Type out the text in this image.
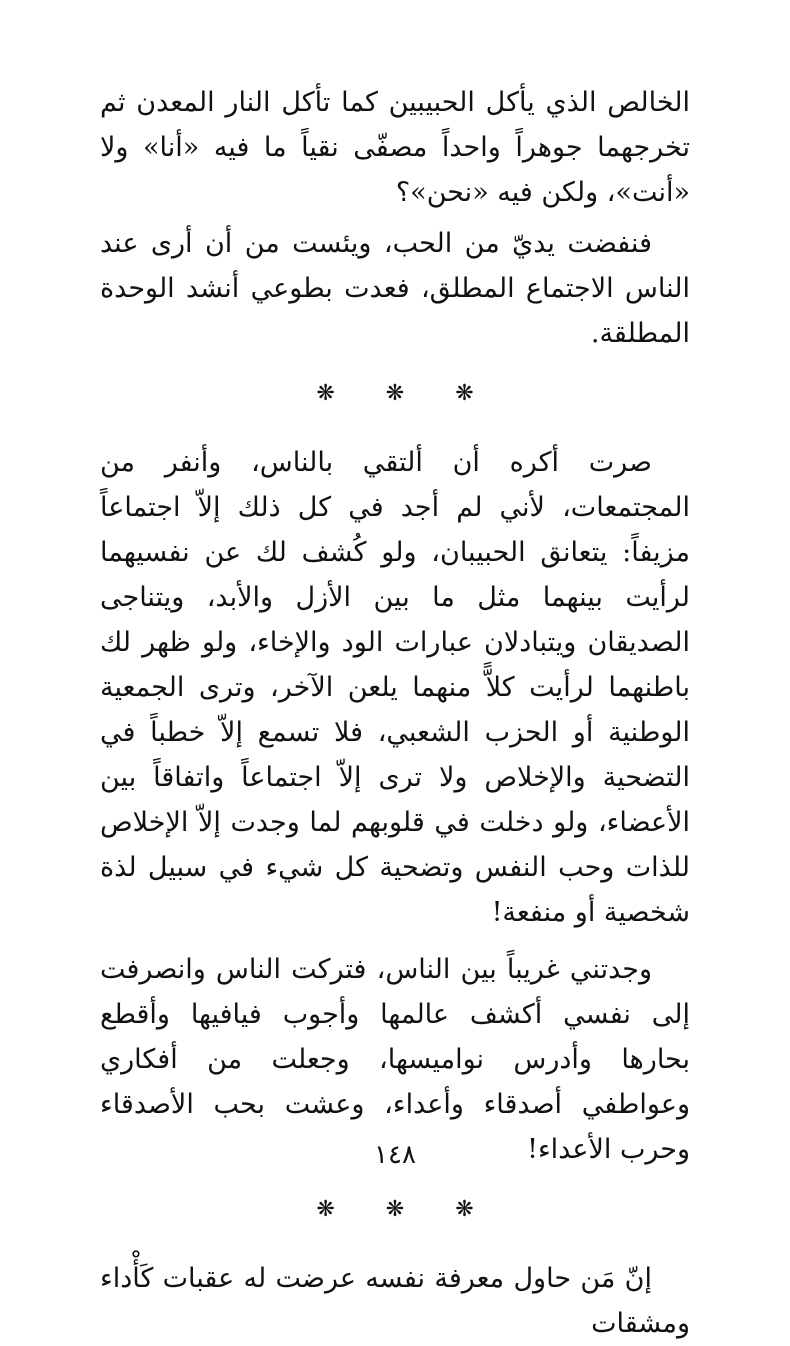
الخالص الذي يأكل الحبيبين كما تأكل النار المعدن ثم تخرجهما جوهراً واحداً مصفّى نقياً ما فيه «أنا» ولا «أنت»، ولكن فيه «نحن»؟

فنفضت يديّ من الحب، ويئست من أن أرى عند الناس الاجتماع المطلق، فعدت بطوعي أنشد الوحدة المطلقة.

❋ ❋ ❋

صرت أكره أن ألتقي بالناس، وأنفر من المجتمعات، لأني لم أجد في كل ذلك إلاّ اجتماعاً مزيفاً: يتعانق الحبيبان، ولو كُشف لك عن نفسيهما لرأيت بينهما مثل ما بين الأزل والأبد، ويتناجى الصديقان ويتبادلان عبارات الود والإخاء، ولو ظهر لك باطنهما لرأيت كلاًّ منهما يلعن الآخر، وترى الجمعية الوطنية أو الحزب الشعبي، فلا تسمع إلاّ خطباً في التضحية والإخلاص ولا ترى إلاّ اجتماعاً واتفاقاً بين الأعضاء، ولو دخلت في قلوبهم لما وجدت إلاّ الإخلاص للذات وحب النفس وتضحية كل شيء في سبيل لذة شخصية أو منفعة!

وجدتني غريباً بين الناس، فتركت الناس وانصرفت إلى نفسي أكشف عالمها وأجوب فيافيها وأقطع بحارها وأدرس نواميسها، وجعلت من أفكاري وعواطفي أصدقاء وأعداء، وعشت بحب الأصدقاء وحرب الأعداء!

❋ ❋ ❋

إنّ مَن حاول معرفة نفسه عرضت له عقبات كَأْداء ومشقات

١٤٨
